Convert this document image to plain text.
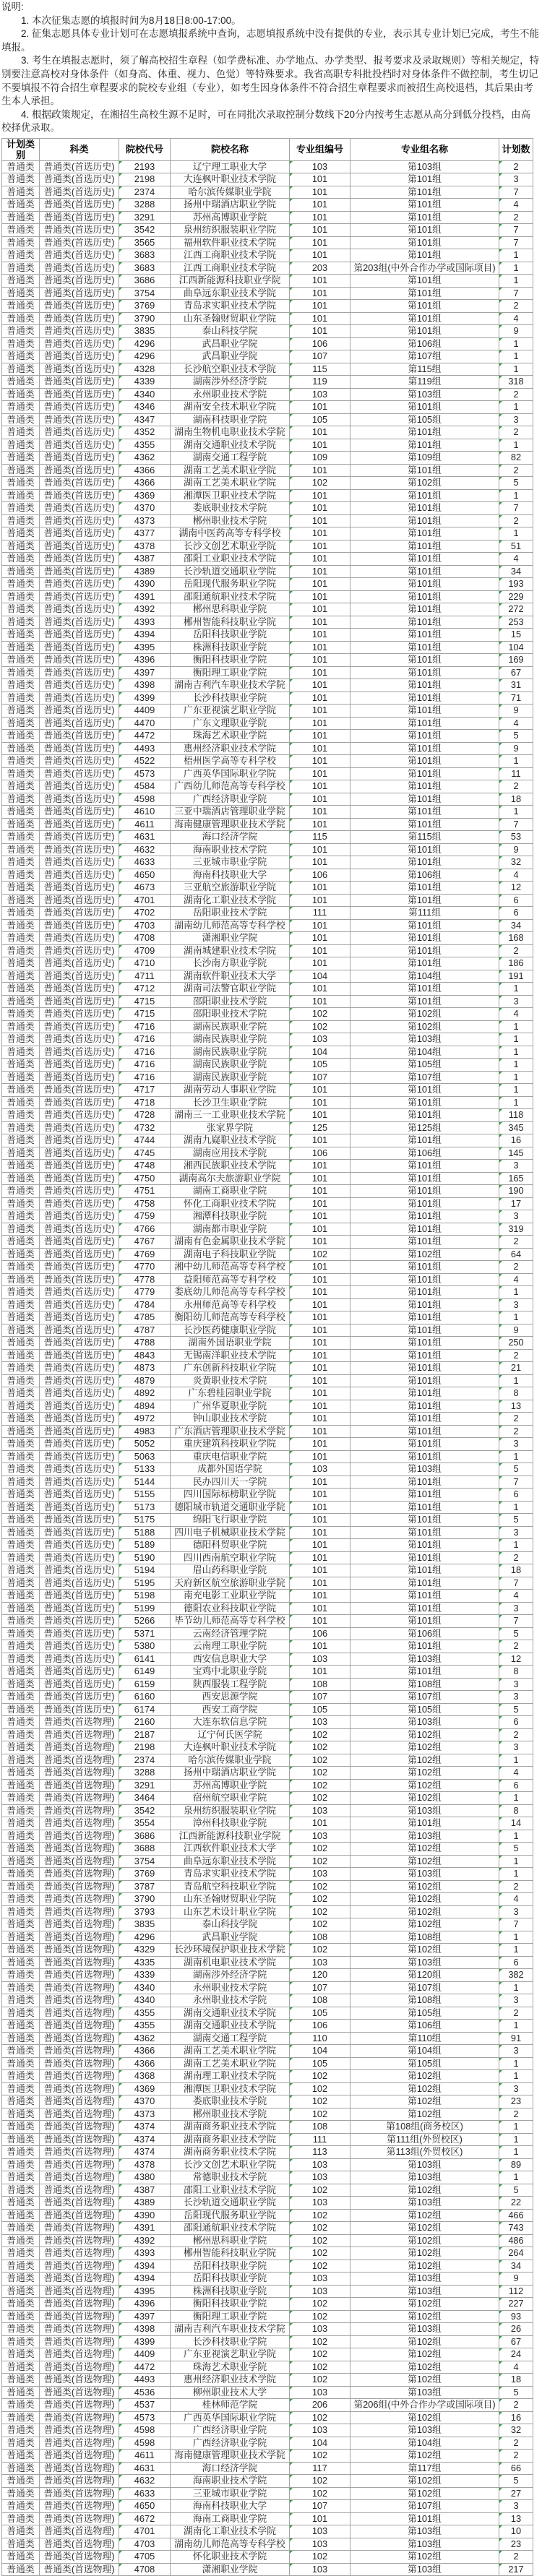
说明:

1. 本次征集志愿的填报时间为8月18日8:00-17:00。

2. 征集志愿具体专业计划可在志愿填报系统中查询，志愿填报系统中没有提供的专业，表示其专业计划已完成，考生不能填报。

3. 考生在填报志愿时，须了解高校招生章程（如学费标准、办学地点、办学类型、报考要求及录取规则）等相关规定，特别要注意高校对身体条件（如身高、体重、视力、色觉）等特殊要求。我省高职专科批投档时对身体条件不做控制，考生切记不要填报不符合招生章程要求的院校专业组（专业），如考生因身体条件不符合招生章程要求而被招生高校退档，其后果由考生本人承担。

4. 根据政策规定，在湘招生高校生源不足时，可在同批次录取控制分数线下20分内按考生志愿从高分到低分投档，由高校择优录取。

计划类别	科类	院校代号	院校名称	专业组编号	专业组名称	计划数
普通类	普通类(首选历史)	2193	辽宁理工职业大学	103	第103组	2
普通类	普通类(首选历史)	2198	大连枫叶职业技术学院	101	第101组	3
普通类	普通类(首选历史)	2374	哈尔滨传媒职业学院	101	第101组	7
普通类	普通类(首选历史)	3288	扬州中瑞酒店职业学院	101	第101组	4
普通类	普通类(首选历史)	3291	苏州高博职业学院	101	第101组	2
普通类	普通类(首选历史)	3542	泉州纺织服装职业学院	101	第101组	7
普通类	普通类(首选历史)	3565	福州软件职业技术学院	101	第101组	7
普通类	普通类(首选历史)	3683	江西工商职业技术学院	101	第101组	1
普通类	普通类(首选历史)	3683	江西工商职业技术学院	203	第203组(中外合作办学或国际项目)	1
普通类	普通类(首选历史)	3686	江西新能源科技职业学院	101	第101组	1
普通类	普通类(首选历史)	3754	曲阜远东职业技术学院	101	第101组	7
普通类	普通类(首选历史)	3769	青岛求实职业技术学院	101	第101组	2
普通类	普通类(首选历史)	3790	山东圣翰财贸职业学院	101	第101组	4
普通类	普通类(首选历史)	3835	泰山科技学院	101	第101组	9
普通类	普通类(首选历史)	4296	武昌职业学院	106	第106组	1
普通类	普通类(首选历史)	4296	武昌职业学院	107	第107组	1
普通类	普通类(首选历史)	4328	长沙航空职业技术学院	115	第115组	1
普通类	普通类(首选历史)	4339	湖南涉外经济学院	119	第119组	318
普通类	普通类(首选历史)	4340	永州职业技术学院	103	第103组	2
普通类	普通类(首选历史)	4346	湖南安全技术职业学院	101	第101组	1
普通类	普通类(首选历史)	4347	湖南科技职业学院	105	第105组	3
普通类	普通类(首选历史)	4352	湖南生物机电职业技术学院	101	第101组	2
普通类	普通类(首选历史)	4355	湖南交通职业技术学院	101	第101组	1
普通类	普通类(首选历史)	4362	湖南交通工程学院	109	第109组	82
普通类	普通类(首选历史)	4366	湖南工艺美术职业学院	101	第101组	2
普通类	普通类(首选历史)	4366	湖南工艺美术职业学院	102	第102组	5
普通类	普通类(首选历史)	4369	湘潭医卫职业技术学院	101	第101组	1
普通类	普通类(首选历史)	4370	娄底职业技术学院	101	第101组	7
普通类	普通类(首选历史)	4373	郴州职业技术学院	101	第101组	2
普通类	普通类(首选历史)	4377	湖南中医药高等专科学校	101	第101组	1
普通类	普通类(首选历史)	4378	长沙文创艺术职业学院	101	第101组	51
普通类	普通类(首选历史)	4387	邵阳工业职业技术学院	101	第101组	4
普通类	普通类(首选历史)	4389	长沙轨道交通职业学院	101	第101组	34
普通类	普通类(首选历史)	4390	岳阳现代服务职业学院	101	第101组	193
普通类	普通类(首选历史)	4391	邵阳通航职业技术学院	101	第101组	229
普通类	普通类(首选历史)	4392	郴州思科职业学院	101	第101组	272
普通类	普通类(首选历史)	4393	郴州智能科技职业学院	101	第101组	253
普通类	普通类(首选历史)	4394	岳阳科技职业学院	101	第101组	15
普通类	普通类(首选历史)	4395	株洲科技职业学院	101	第101组	104
普通类	普通类(首选历史)	4396	衡阳科技职业学院	101	第101组	169
普通类	普通类(首选历史)	4397	衡阳理工职业学院	101	第101组	67
普通类	普通类(首选历史)	4398	湖南吉利汽车职业技术学院	101	第101组	31
普通类	普通类(首选历史)	4399	长沙科技职业学院	101	第101组	71
普通类	普通类(首选历史)	4409	广东亚视演艺职业学院	101	第101组	9
普通类	普通类(首选历史)	4470	广东文理职业学院	101	第101组	4
普通类	普通类(首选历史)	4472	珠海艺术职业学院	101	第101组	5
普通类	普通类(首选历史)	4493	惠州经济职业技术学院	101	第101组	9
普通类	普通类(首选历史)	4522	梧州医学高等专科学校	101	第101组	1
普通类	普通类(首选历史)	4573	广西英华国际职业学院	101	第101组	11
普通类	普通类(首选历史)	4584	广西幼儿师范高等专科学校	101	第101组	2
普通类	普通类(首选历史)	4598	广西经济职业学院	101	第101组	18
普通类	普通类(首选历史)	4610	三亚中瑞酒店管理职业学院	101	第101组	1
普通类	普通类(首选历史)	4611	海南健康管理职业技术学院	101	第101组	7
普通类	普通类(首选历史)	4631	海口经济学院	115	第115组	53
普通类	普通类(首选历史)	4632	海南职业技术学院	101	第101组	9
普通类	普通类(首选历史)	4633	三亚城市职业学院	101	第101组	32
普通类	普通类(首选历史)	4650	海南科技职业大学	106	第106组	4
普通类	普通类(首选历史)	4673	三亚航空旅游职业学院	101	第101组	12
普通类	普通类(首选历史)	4701	湖南化工职业技术学院	101	第101组	6
普通类	普通类(首选历史)	4702	岳阳职业技术学院	111	第111组	6
普通类	普通类(首选历史)	4703	湖南幼儿师范高等专科学校	101	第101组	34
普通类	普通类(首选历史)	4708	潇湘职业学院	101	第101组	168
普通类	普通类(首选历史)	4709	湖南城建职业技术学院	101	第101组	2
普通类	普通类(首选历史)	4710	长沙南方职业学院	101	第101组	186
普通类	普通类(首选历史)	4711	湖南软件职业技术大学	104	第104组	191
普通类	普通类(首选历史)	4712	湖南司法警官职业学院	101	第101组	1
普通类	普通类(首选历史)	4715	邵阳职业技术学院	101	第101组	3
普通类	普通类(首选历史)	4715	邵阳职业技术学院	102	第102组	4
普通类	普通类(首选历史)	4716	湖南民族职业学院	102	第102组	1
普通类	普通类(首选历史)	4716	湖南民族职业学院	103	第103组	1
普通类	普通类(首选历史)	4716	湖南民族职业学院	104	第104组	1
普通类	普通类(首选历史)	4716	湖南民族职业学院	105	第105组	1
普通类	普通类(首选历史)	4716	湖南民族职业学院	107	第107组	1
普通类	普通类(首选历史)	4717	湖南劳动人事职业学院	101	第101组	1
普通类	普通类(首选历史)	4718	长沙卫生职业学院	101	第101组	1
普通类	普通类(首选历史)	4728	湖南三一工业职业技术学院	101	第101组	118
普通类	普通类(首选历史)	4732	张家界学院	125	第125组	345
普通类	普通类(首选历史)	4744	湖南九嶷职业技术学院	101	第101组	16
普通类	普通类(首选历史)	4745	湖南应用技术学院	106	第106组	145
普通类	普通类(首选历史)	4748	湘西民族职业技术学院	101	第101组	3
普通类	普通类(首选历史)	4750	湖南高尔夫旅游职业学院	101	第101组	165
普通类	普通类(首选历史)	4751	湖南工商职业学院	101	第101组	190
普通类	普通类(首选历史)	4758	怀化工商职业技术学院	101	第101组	17
普通类	普通类(首选历史)	4759	湘潭科技职业学院	101	第101组	3
普通类	普通类(首选历史)	4766	湖南都市职业学院	101	第101组	319
普通类	普通类(首选历史)	4767	湖南有色金属职业技术学院	101	第101组	2
普通类	普通类(首选历史)	4769	湖南电子科技职业学院	102	第102组	64
普通类	普通类(首选历史)	4770	湘中幼儿师范高等专科学校	101	第101组	2
普通类	普通类(首选历史)	4778	益阳师范高等专科学校	101	第101组	4
普通类	普通类(首选历史)	4779	娄底幼儿师范高等专科学校	101	第101组	1
普通类	普通类(首选历史)	4784	永州师范高等专科学校	101	第101组	3
普通类	普通类(首选历史)	4785	衡阳幼儿师范高等专科学校	101	第101组	1
普通类	普通类(首选历史)	4787	长沙医药健康职业学院	101	第101组	9
普通类	普通类(首选历史)	4788	湖南外国语职业学院	101	第101组	250
普通类	普通类(首选历史)	4843	无锡南洋职业技术学院	101	第101组	2
普通类	普通类(首选历史)	4873	广东创新科技职业学院	101	第101组	21
普通类	普通类(首选历史)	4879	炎黄职业技术学院	101	第101组	1
普通类	普通类(首选历史)	4892	广东碧桂园职业学院	101	第101组	8
普通类	普通类(首选历史)	4894	广州华夏职业学院	101	第101组	13
普通类	普通类(首选历史)	4972	钟山职业技术学院	101	第101组	2
普通类	普通类(首选历史)	4983	广东酒店管理职业技术学院	101	第101组	2
普通类	普通类(首选历史)	5052	重庆建筑科技职业学院	101	第101组	3
普通类	普通类(首选历史)	5063	重庆电信职业学院	101	第101组	1
普通类	普通类(首选历史)	5133	成都外国语学院	103	第103组	5
普通类	普通类(首选历史)	5144	民办四川天一学院	101	第101组	7
普通类	普通类(首选历史)	5155	四川国际标榜职业学院	101	第101组	6
普通类	普通类(首选历史)	5173	德阳城市轨道交通职业学院	101	第101组	1
普通类	普通类(首选历史)	5175	绵阳飞行职业学院	101	第101组	5
普通类	普通类(首选历史)	5188	四川电子机械职业技术学院	101	第101组	3
普通类	普通类(首选历史)	5189	德阳科贸职业学院	101	第101组	1
普通类	普通类(首选历史)	5190	四川西南航空职业学院	101	第101组	2
普通类	普通类(首选历史)	5194	眉山药科职业学院	101	第101组	18
普通类	普通类(首选历史)	5195	天府新区航空旅游职业学院	101	第101组	7
普通类	普通类(首选历史)	5198	南充电影工业职业学院	101	第101组	4
普通类	普通类(首选历史)	5199	德阳农业科技职业学院	101	第101组	3
普通类	普通类(首选历史)	5266	毕节幼儿师范高等专科学校	101	第101组	7
普通类	普通类(首选历史)	5371	云南经济管理学院	106	第106组	5
普通类	普通类(首选历史)	5380	云南理工职业学院	101	第101组	2
普通类	普通类(首选历史)	6141	西安信息职业大学	103	第103组	12
普通类	普通类(首选历史)	6149	宝鸡中北职业学院	101	第101组	8
普通类	普通类(首选历史)	6159	陕西服装工程学院	108	第108组	3
普通类	普通类(首选历史)	6160	西安思源学院	107	第107组	3
普通类	普通类(首选历史)	6174	西安工商学院	105	第105组	5
普通类	普通类(首选物理)	2160	大连东软信息学院	103	第103组	6
普通类	普通类(首选物理)	2187	辽宁何氏医学院	102	第102组	2
普通类	普通类(首选物理)	2198	大连枫叶职业技术学院	102	第102组	3
普通类	普通类(首选物理)	2374	哈尔滨传媒职业学院	102	第102组	1
普通类	普通类(首选物理)	3288	扬州中瑞酒店职业学院	102	第102组	4
普通类	普通类(首选物理)	3291	苏州高博职业学院	102	第102组	6
普通类	普通类(首选物理)	3464	宿州航空职业学院	102	第102组	1
普通类	普通类(首选物理)	3542	泉州纺织服装职业学院	103	第103组	8
普通类	普通类(首选物理)	3554	漳州科技职业学院	101	第101组	14
普通类	普通类(首选物理)	3686	江西新能源科技职业学院	103	第103组	1
普通类	普通类(首选物理)	3688	江西软件职业技术大学	102	第102组	5
普通类	普通类(首选物理)	3754	曲阜远东职业技术学院	102	第102组	1
普通类	普通类(首选物理)	3769	青岛求实职业技术学院	103	第103组	1
普通类	普通类(首选物理)	3787	青岛航空科技职业学院	102	第102组	2
普通类	普通类(首选物理)	3790	山东圣翰财贸职业学院	102	第102组	4
普通类	普通类(首选物理)	3793	山东艺术设计职业学院	102	第102组	3
普通类	普通类(首选物理)	3835	泰山科技学院	102	第102组	7
普通类	普通类(首选物理)	4296	武昌职业学院	108	第108组	1
普通类	普通类(首选物理)	4329	长沙环境保护职业技术学院	102	第102组	1
普通类	普通类(首选物理)	4335	湖南机电职业技术学院	103	第103组	6
普通类	普通类(首选物理)	4339	湖南涉外经济学院	120	第120组	382
普通类	普通类(首选物理)	4340	永州职业技术学院	107	第107组	1
普通类	普通类(首选物理)	4340	永州职业技术学院	108	第108组	3
普通类	普通类(首选物理)	4355	湖南交通职业技术学院	105	第105组	2
普通类	普通类(首选物理)	4355	湖南交通职业技术学院	106	第106组	1
普通类	普通类(首选物理)	4362	湖南交通工程学院	110	第110组	91
普通类	普通类(首选物理)	4366	湖南工艺美术职业学院	104	第104组	3
普通类	普通类(首选物理)	4366	湖南工艺美术职业学院	105	第105组	1
普通类	普通类(首选物理)	4368	湖南理工职业技术学院	102	第102组	1
普通类	普通类(首选物理)	4369	湘潭医卫职业技术学院	102	第102组	3
普通类	普通类(首选物理)	4370	娄底职业技术学院	102	第102组	23
普通类	普通类(首选物理)	4373	郴州职业技术学院	102	第102组	2
普通类	普通类(首选物理)	4374	湖南商务职业技术学院	108	第108组(商务校区)	1
普通类	普通类(首选物理)	4374	湖南商务职业技术学院	111	第111组(外贸校区)	1
普通类	普通类(首选物理)	4374	湖南商务职业技术学院	113	第113组(外贸校区)	1
普通类	普通类(首选物理)	4378	长沙文创艺术职业学院	103	第103组	89
普通类	普通类(首选物理)	4380	常德职业技术学院	103	第103组	1
普通类	普通类(首选物理)	4387	邵阳工业职业技术学院	102	第102组	5
普通类	普通类(首选物理)	4389	长沙轨道交通职业学院	103	第103组	22
普通类	普通类(首选物理)	4390	岳阳现代服务职业学院	102	第102组	466
普通类	普通类(首选物理)	4391	邵阳通航职业技术学院	102	第102组	743
普通类	普通类(首选物理)	4392	郴州思科职业学院	102	第102组	486
普通类	普通类(首选物理)	4393	郴州智能科技职业学院	102	第102组	264
普通类	普通类(首选物理)	4394	岳阳科技职业学院	102	第102组	34
普通类	普通类(首选物理)	4394	岳阳科技职业学院	103	第103组	9
普通类	普通类(首选物理)	4395	株洲科技职业学院	103	第103组	112
普通类	普通类(首选物理)	4396	衡阳科技职业学院	102	第102组	227
普通类	普通类(首选物理)	4397	衡阳理工职业学院	102	第102组	93
普通类	普通类(首选物理)	4398	湖南吉利汽车职业技术学院	103	第103组	26
普通类	普通类(首选物理)	4399	长沙科技职业学院	102	第102组	67
普通类	普通类(首选物理)	4409	广东亚视演艺职业学院	102	第102组	24
普通类	普通类(首选物理)	4472	珠海艺术职业学院	102	第102组	4
普通类	普通类(首选物理)	4493	惠州经济职业技术学院	102	第102组	18
普通类	普通类(首选物理)	4536	柳州职业技术大学	103	第103组	5
普通类	普通类(首选物理)	4537	桂林师范学院	206	第206组(中外合作办学或国际项目)	2
普通类	普通类(首选物理)	4573	广西英华国际职业学院	102	第102组	16
普通类	普通类(首选物理)	4598	广西经济职业学院	103	第103组	32
普通类	普通类(首选物理)	4598	广西经济职业学院	104	第104组	2
普通类	普通类(首选物理)	4611	海南健康管理职业技术学院	102	第102组	2
普通类	普通类(首选物理)	4631	海口经济学院	117	第117组	66
普通类	普通类(首选物理)	4632	海南职业技术学院	102	第102组	5
普通类	普通类(首选物理)	4633	三亚城市职业学院	102	第102组	27
普通类	普通类(首选物理)	4650	海南科技职业大学	107	第107组	3
普通类	普通类(首选物理)	4672	海南工商职业学院	101	第101组	13
普通类	普通类(首选物理)	4701	湖南化工职业技术学院	103	第103组	10
普通类	普通类(首选物理)	4703	湖南幼儿师范高等专科学校	103	第103组	23
普通类	普通类(首选物理)	4705	怀化职业技术学院	102	第102组	2
普通类	普通类(首选物理)	4708	潇湘职业学院	103	第103组	217
